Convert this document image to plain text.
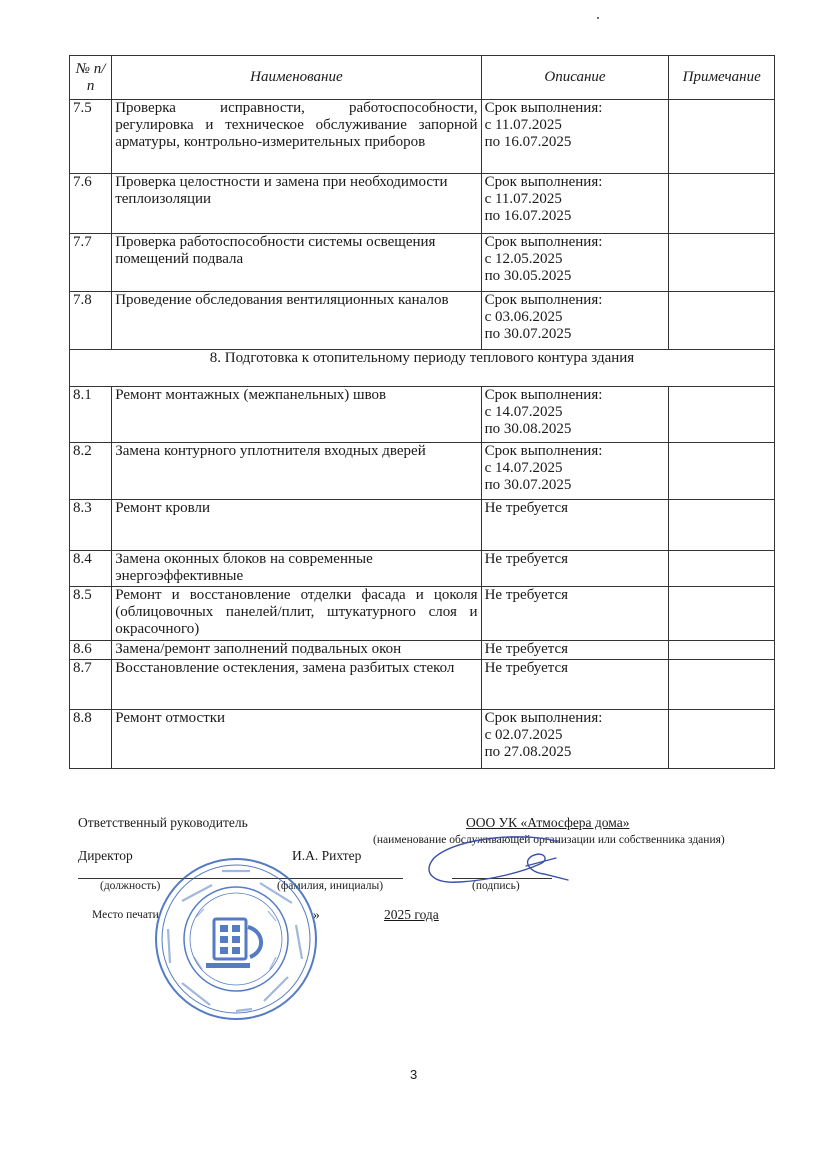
№ п/п	Наименование	Описание	Примечание
7.5	Проверка исправности, работоспособности, регулировка и техническое обслуживание запорной арматуры, контрольно-измерительных приборов	Срок выполнения:
с 11.07.2025
по 16.07.2025	

7.6	Проверка целостности и замена при необходимости теплоизоляции	Срок выполнения:
с 11.07.2025
по 16.07.2025	

7.7	Проверка работоспособности системы освещения помещений подвала	Срок выполнения:
с 12.05.2025
по 30.05.2025	

7.8	Проведение обследования вентиляционных каналов	Срок выполнения:
с 03.06.2025
по 30.07.2025	

8. Подготовка к отопительному периоду теплового контура здания			
8.1	Ремонт монтажных (межпанельных) швов	Срок выполнения:
с 14.07.2025
по 30.08.2025	

8.2	Замена контурного уплотнителя входных дверей	Срок выполнения:
с 14.07.2025
по 30.07.2025	

8.3	Ремонт кровли	Не требуется	

8.4	Замена оконных блоков на современные энергоэффективные	Не требуется	

8.5	Ремонт и восстановление отделки фасада и цоколя (облицовочных панелей/плит, штукатурного слоя и окрасочного)	Не требуется	

8.6	Замена/ремонт заполнений подвальных окон	Не требуется	

8.7	Восстановление остекления, замена разбитых стекол	Не требуется	

8.8	Ремонт отмостки	Срок выполнения:
с 02.07.2025
по 27.08.2025	

Ответственный руководитель	ООО УК «Атмосфера дома»
(наименование обслуживающей организации или собственника здания)
Директор	И.А. Рихтер
(должность)	(фамилия, инициалы)	(подпись)
Место печати	»	2025 года
3
